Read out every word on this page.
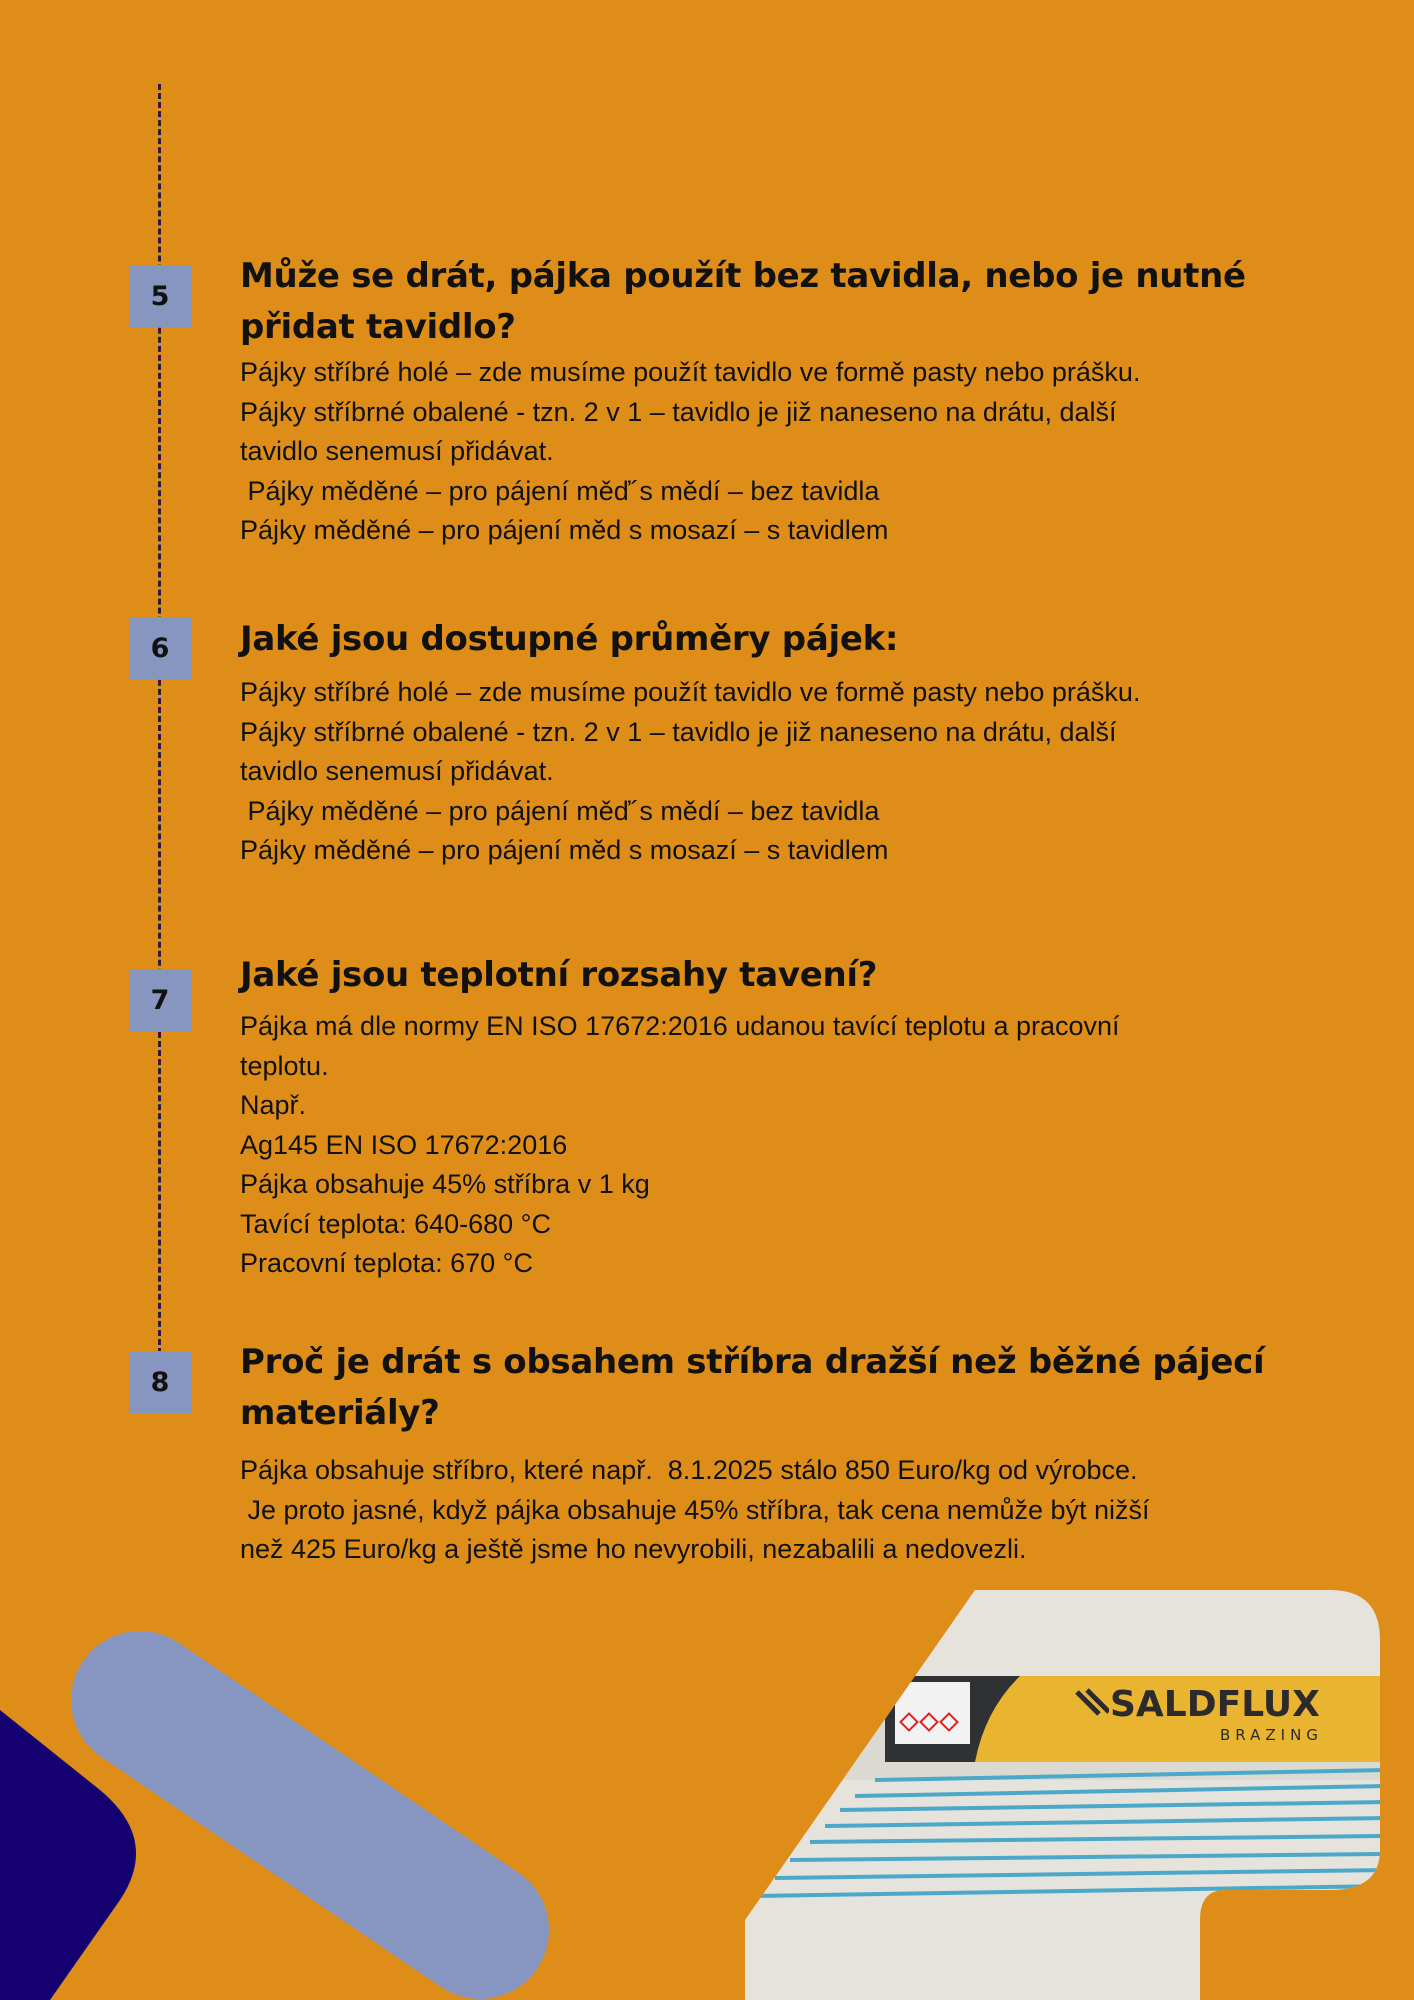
5 Může se drát, pájka použít bez tavidla, nebo je nutné
přidat tavidlo?

Pájky stříbré holé – zde musíme použít tavidlo ve formě pasty nebo prášku.

Pájky stříbrné obalené - tzn. 2 v 1 – tavidlo je již naneseno na drátu, další

tavidlo senemusí přidávat.

Pájky měděné – pro pájení měď´s mědí – bez tavidla

Pájky měděné – pro pájení měd s mosazí – s tavidlem

6 Jaké jsou dostupné průměry pájek:

Pájky stříbré holé – zde musíme použít tavidlo ve formě pasty nebo prášku.

Pájky stříbrné obalené - tzn. 2 v 1 – tavidlo je již naneseno na drátu, další

tavidlo senemusí přidávat.

Pájky měděné – pro pájení měď´s mědí – bez tavidla

Pájky měděné – pro pájení měd s mosazí – s tavidlem

7
Jaké jsou teplotní rozsahy tavení?

Pájka má dle normy EN ISO 17672:2016 udanou tavící teplotu a pracovní

teplotu.

Např.

Ag145 EN ISO 17672:2016

Pájka obsahuje 45% stříbra v 1 kg

Tavící teplota: 640-680 °C

Pracovní teplota: 670 °C

8 Proč je drát s obsahem stříbra dražší než běžné pájecí
materiály?

Pájka obsahuje stříbro, které např.  8.1.2025 stálo 850 Euro/kg od výrobce.

Je proto jasné, když pájka obsahuje 45% stříbra, tak cena nemůže být nižší

než 425 Euro/kg a ještě jsme ho nevyrobili, nezabalili a nedovezli.

SALDFLUX
BRAZING
